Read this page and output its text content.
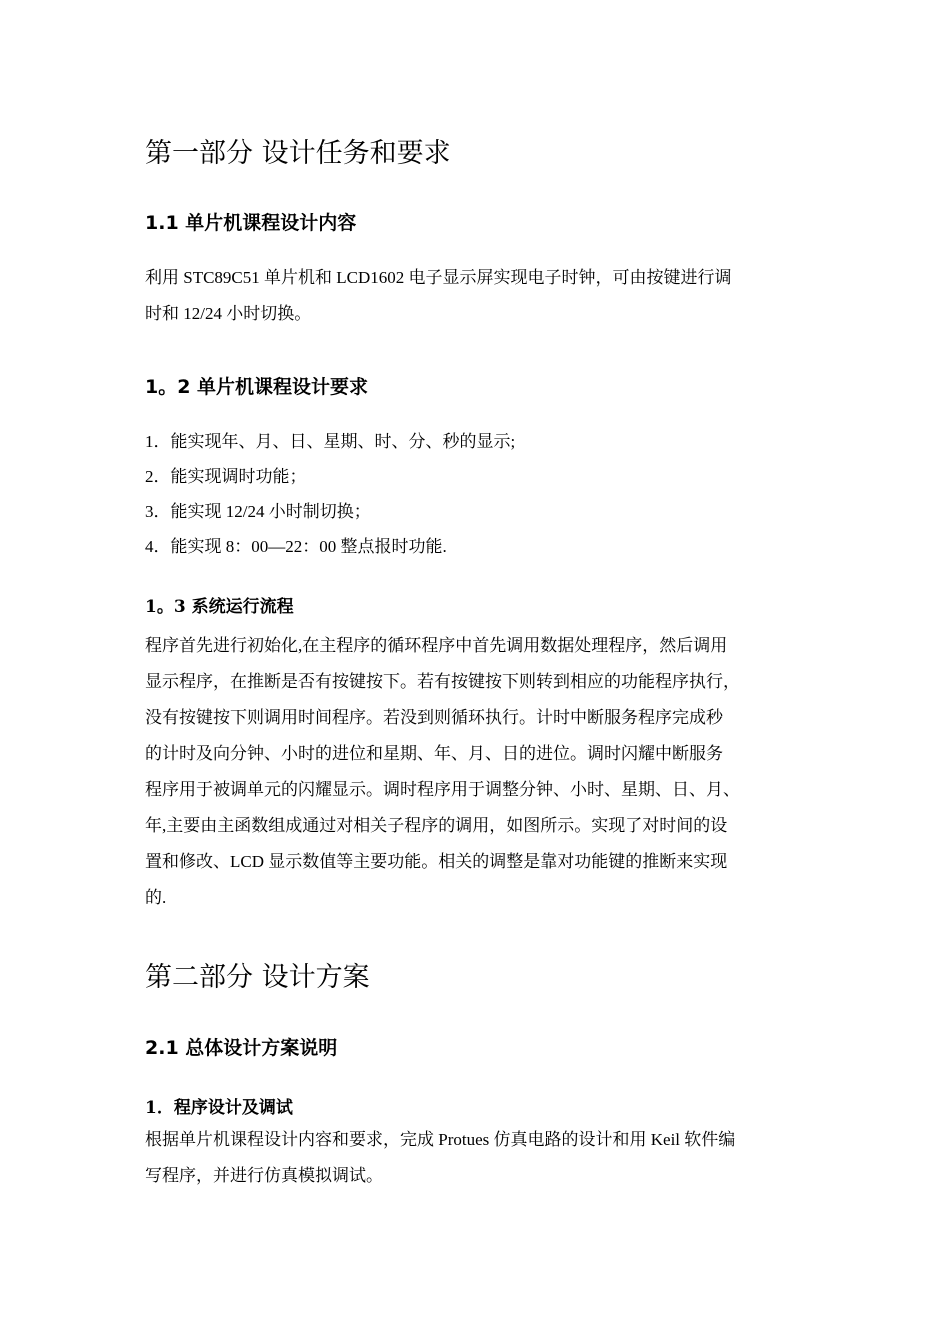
第一部分 设计任务和要求
1.1 单片机课程设计内容
利用 STC89C51 单片机和 LCD1602 电子显示屏实现电子时钟，可由按键进行调
时和 12/24 小时切换。
1。2 单片机课程设计要求
1．能实现年、月、日、星期、时、分、秒的显示;
2．能实现调时功能；
3．能实现 12/24 小时制切换；
4．能实现 8：00—22：00 整点报时功能.
1。3 系统运行流程
程序首先进行初始化,在主程序的循环程序中首先调用数据处理程序，然后调用
显示程序，在推断是否有按键按下。若有按键按下则转到相应的功能程序执行，
没有按键按下则调用时间程序。若没到则循环执行。计时中断服务程序完成秒
的计时及向分钟、小时的进位和星期、年、月、日的进位。调时闪耀中断服务
程序用于被调单元的闪耀显示。调时程序用于调整分钟、小时、星期、日、月、
年,主要由主函数组成通过对相关子程序的调用，如图所示。实现了对时间的设
置和修改、LCD 显示数值等主要功能。相关的调整是靠对功能键的推断来实现
的.
第二部分 设计方案
2.1 总体设计方案说明
1．程序设计及调试
根据单片机课程设计内容和要求，完成 Protues 仿真电路的设计和用 Keil 软件编
写程序，并进行仿真模拟调试。
